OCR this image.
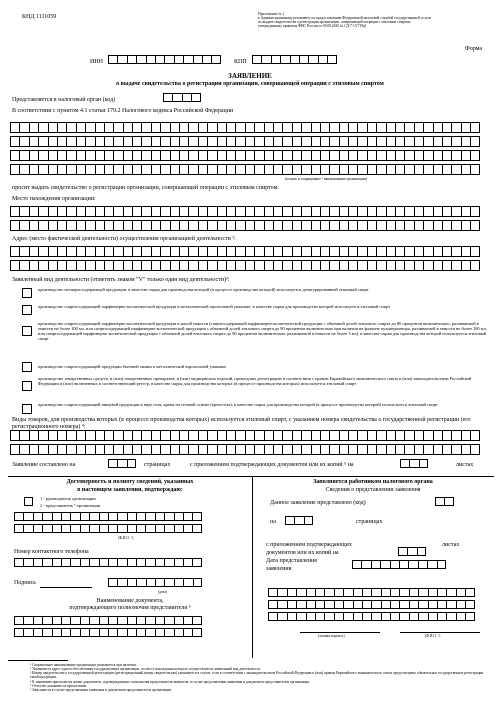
КНД 1111059	Приложение № 1
к Административному регламенту по предоставлению Федеральной налоговой службой государственной услуги
по выдаче свидетельства о регистрации организации, совершающей операции с этиловым спиртом,
утвержденному приказом ФНС России от 30.09.2020 № СД-7-15/719@
Форма
ИНН	КПП
ЗАЯВЛЕНИЕ
о выдаче свидетельства о регистрации организации, совершающей операции с этиловым спиртом
Представляется в налоговый орган (код)
В соответствии с пунктом 4.1 статьи 179.2 Налогового кодекса Российской Федерации
(полное и сокращенное ¹ наименование организации)
просит выдать свидетельство о регистрации организации, совершающей операции с этиловым спиртом.
Место нахождения организации:
Адрес (место фактической деятельности) осуществления организацией деятельности ²:
Заявленный вид деятельности (отметить знаком "V" только один вид деятельности)³:
производство неспиртосодержащей продукции, в качестве сырья для производства которой (в процессе производства которой) используется денатурированный этиловый спирт
производство спиртосодержащей парфюмерно-косметической продукции в металлической аэрозольной упаковке, в качестве сырья для производства которой используется этиловый спирт
производство спиртосодержащей парфюмерно-косметической продукции в малой емкости (спиртосодержащей парфюмерно-косметической продукции с объемной долей этилового спирта до 80 процентов включительно, разливаемой в емкости не более 100 мл, или спиртосодержащей парфюмерно-косметической продукции с объемной долей этилового спирта до 90 процентов включительно при наличии на флаконе пульверизатора, разливаемой в емкости не более 100 мл, или спиртосодержащей парфюмерно-косметической продукции с объемной долей этилового спирта до 90 процентов включительно, разливаемой в емкости не более 3 мл), в качестве сырья для производства которой используется этиловый спирт
производство спиртосодержащей продукции бытовой химии в металлической аэрозольной упаковке
производство лекарственных средств, и (или) лекарственных препаратов, и (или) медицинских изделий, прошедших регистрацию в соответствии с правом Евразийского экономического союза и (или) законодательством Российской Федерации и (или) включенных в соответствующий реестр, в качестве сырья для производства которых (в процессе производства которых) используется этиловый спирт
производство спиртосодержащей пищевой продукции в виде геля, крема на гелевой основе (крем-геля), в качестве сырья для производства которой (в процессе производства которой) используется этиловый спирт
Виды товаров, для производства которых (в процессе производства которых) используется этиловый спирт, с указанием номера свидетельства о государственной регистрации (его регистрационного номера) ⁴:
Заявление составлено на	страницах	с приложением подтверждающих документов или их копий ⁵ на	листах
Достоверность и полноту сведений, указанных
в настоящем заявлении, подтверждаю:
1 - руководитель организации
2 - представитель ⁶ организации
(Ф.И.О. ⁷)
Номер контактного телефона
Подпись
(дата)
Наименование документа,
подтверждающего полномочия представителя ⁶
Заполняется работником налогового органа
Сведения о представлении заявления
Данное заявление представлено (код)
на	страницах
с приложением подтверждающих
документов или их копий на
листах
Дата представления
заявления
(личная подпись)	(Ф.И.О. ⁷)
¹ Сокращенное наименование организации указывается при наличии.
² Указывается адрес одного обособленного подразделения организации, по месту нахождения которого осуществляется заявленный вид деятельности.
³ Номер свидетельства о государственной регистрации (регистрационный номер свидетельства) указывается в случае, если в соответствии с законодательством Российской Федерации и (или) правом Евразийского экономического союза предусмотрено обязательное государственное регистрация такой продукции.
⁴ К заявлению прилагаются копии документов, подтверждающих полномочия представителя заявителя, в случае представления заявления и документов представителем организации.
⁵ Отчество указывается при наличии.
⁶ Заполняется в случае представления заявления и документов представителем организации.
